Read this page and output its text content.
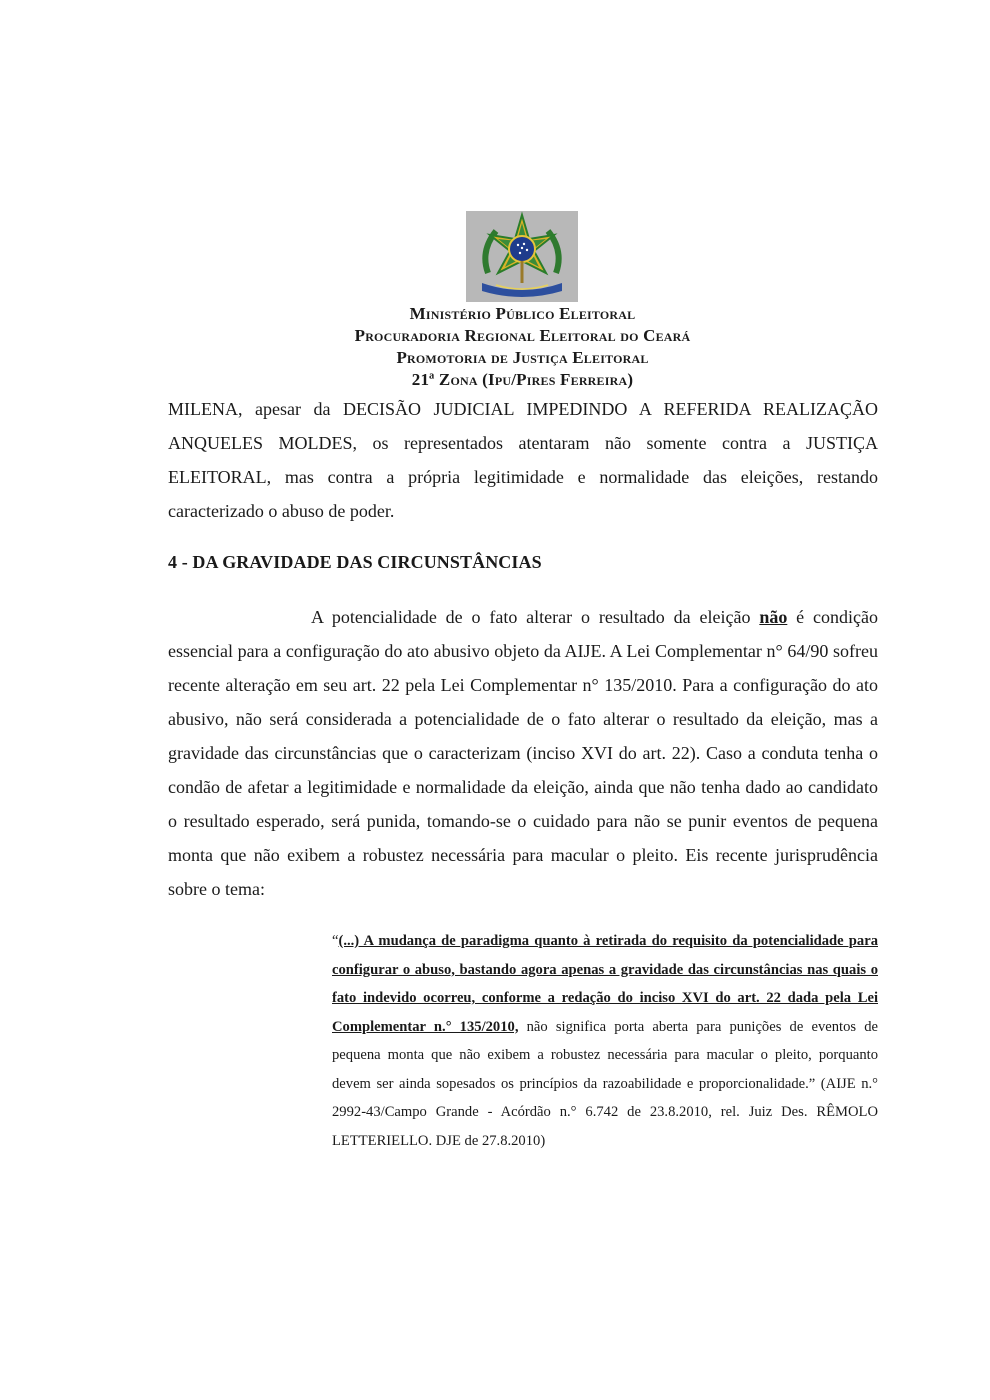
Ministério Público Eleitoral
Procuradoria Regional Eleitoral do Ceará
Promotoria de Justiça Eleitoral
21ª Zona (Ipu/Pires Ferreira)
MILENA, apesar da DECISÃO JUDICIAL IMPEDINDO A REFERIDA REALIZAÇÃO ANQUELES MOLDES, os representados atentaram não somente contra a JUSTIÇA ELEITORAL, mas contra a própria legitimidade e normalidade das eleições, restando caracterizado o abuso de poder.
4 - DA GRAVIDADE DAS CIRCUNSTÂNCIAS
A potencialidade de o fato alterar o resultado da eleição não é condição essencial para a configuração do ato abusivo objeto da AIJE. A Lei Complementar n° 64/90 sofreu recente alteração em seu art. 22 pela Lei Complementar n° 135/2010. Para a configuração do ato abusivo, não será considerada a potencialidade de o fato alterar o resultado da eleição, mas a gravidade das circunstâncias que o caracterizam (inciso XVI do art. 22). Caso a conduta tenha o condão de afetar a legitimidade e normalidade da eleição, ainda que não tenha dado ao candidato o resultado esperado, será punida, tomando-se o cuidado para não se punir eventos de pequena monta que não exibem a robustez necessária para macular o pleito. Eis recente jurisprudência sobre o tema:
“(...) A mudança de paradigma quanto à retirada do requisito da potencialidade para configurar o abuso, bastando agora apenas a gravidade das circunstâncias nas quais o fato indevido ocorreu, conforme a redação do inciso XVI do art. 22 dada pela Lei Complementar n.° 135/2010, não significa porta aberta para punições de eventos de pequena monta que não exibem a robustez necessária para macular o pleito, porquanto devem ser ainda sopesados os princípios da razoabilidade e proporcionalidade.” (AIJE n.° 2992-43/Campo Grande - Acórdão n.° 6.742 de 23.8.2010, rel. Juiz Des. RÊMOLO LETTERIELLO. DJE de 27.8.2010)
